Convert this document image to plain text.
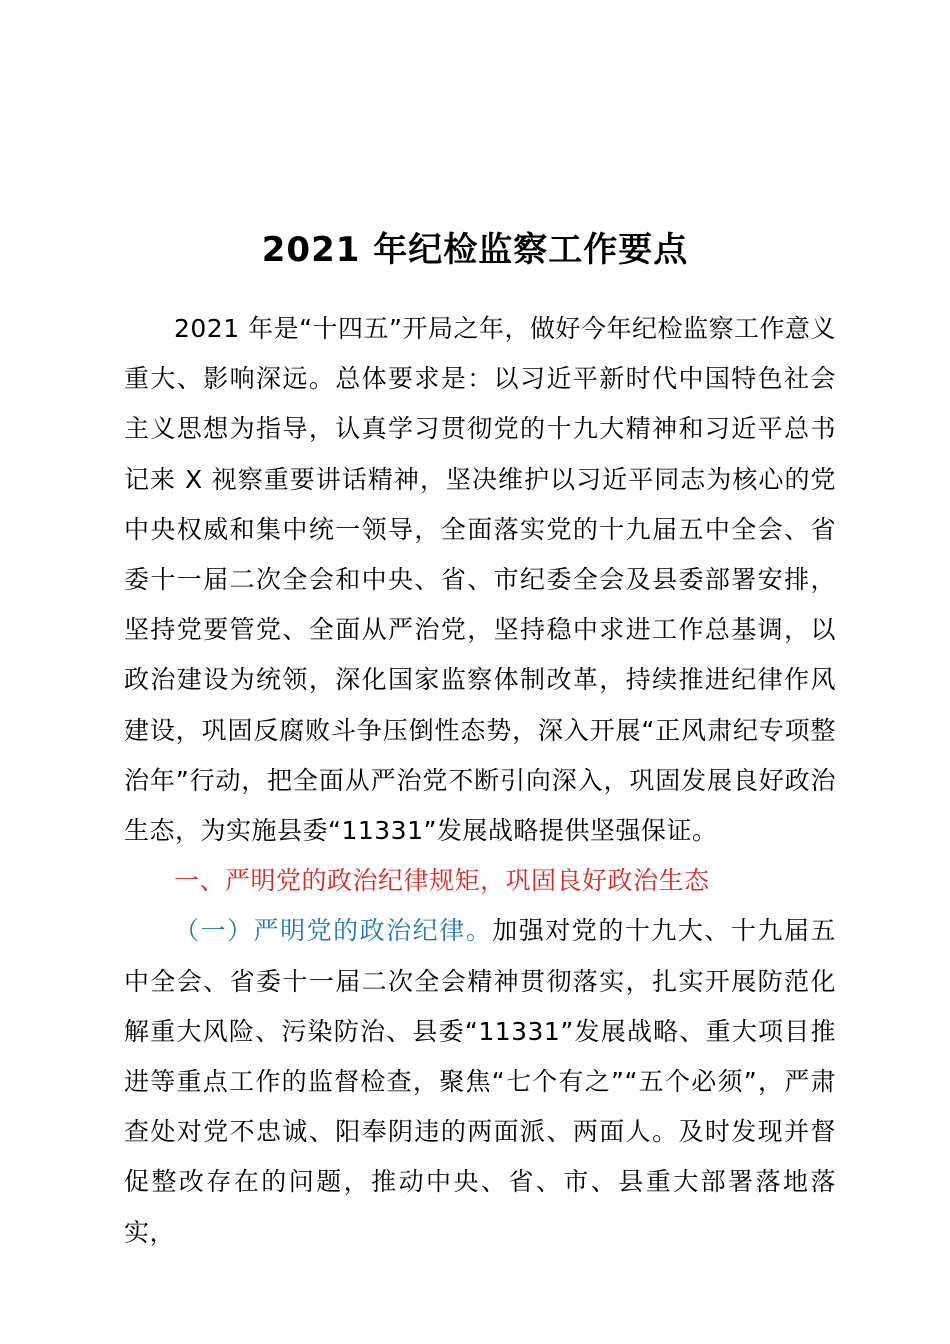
2021 年纪检监察工作要点

2021 年是“十四五”开局之年，做好今年纪检监察工作意义重大、影响深远。总体要求是：以习近平新时代中国特色社会主义思想为指导，认真学习贯彻党的十九大精神和习近平总书记来 X 视察重要讲话精神，坚决维护以习近平同志为核心的党中央权威和集中统一领导，全面落实党的十九届五中全会、省委十一届二次全会和中央、省、市纪委全会及县委部署安排，坚持党要管党、全面从严治党，坚持稳中求进工作总基调，以政治建设为统领，深化国家监察体制改革，持续推进纪律作风建设，巩固反腐败斗争压倒性态势，深入开展“正风肃纪专项整治年”行动，把全面从严治党不断引向深入，巩固发展良好政治生态，为实施县委“11331”发展战略提供坚强保证。

一、严明党的政治纪律规矩，巩固良好政治生态

（一）严明党的政治纪律。加强对党的十九大、十九届五中全会、省委十一届二次全会精神贯彻落实，扎实开展防范化解重大风险、污染防治、县委“11331”发展战略、重大项目推进等重点工作的监督检查，聚焦“七个有之”“五个必须”，严肃查处对党不忠诚、阳奉阴违的两面派、两面人。及时发现并督促整改存在的问题，推动中央、省、市、县重大部署落地落实，
